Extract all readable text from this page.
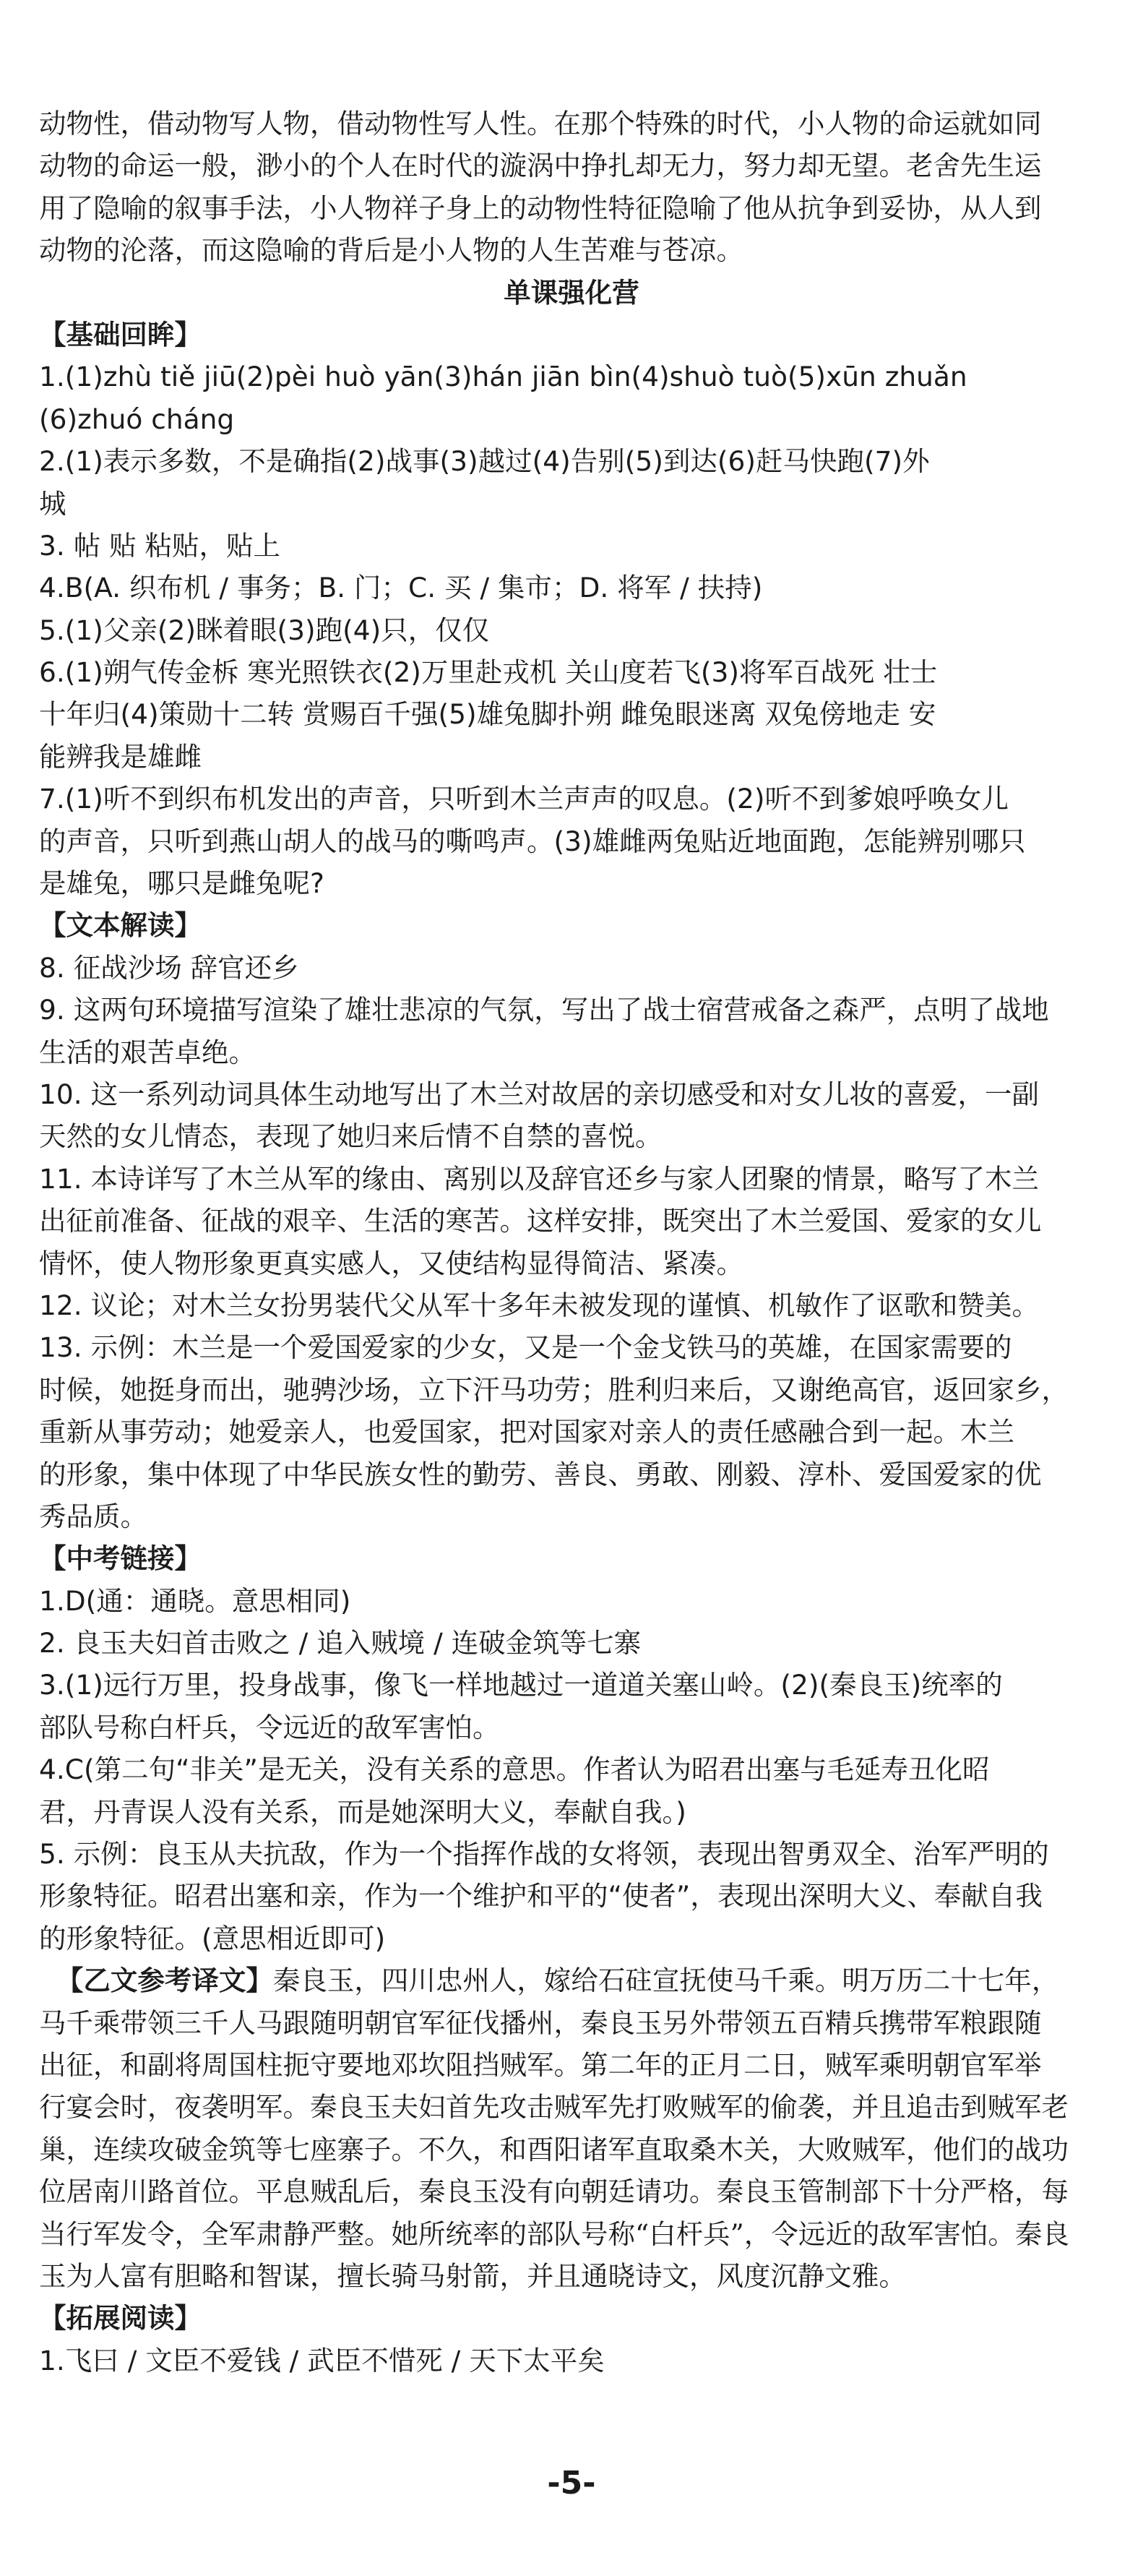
动物性，借动物写人物，借动物性写人性。在那个特殊的时代，小人物的命运就如同
动物的命运一般，渺小的个人在时代的漩涡中挣扎却无力，努力却无望。老舍先生运
用了隐喻的叙事手法，小人物祥子身上的动物性特征隐喻了他从抗争到妥协，从人到
动物的沦落，而这隐喻的背后是小人物的人生苦难与苍凉。
单课强化营
【基础回眸】
1.(1)zhù tiě jiū(2)pèi huò yān(3)hán jiān bìn(4)shuò tuò(5)xūn zhuǎn
(6)zhuó cháng
2.(1)表示多数，不是确指(2)战事(3)越过(4)告别(5)到达(6)赶马快跑(7)外
城
3. 帖 贴 粘贴，贴上
4.B(A. 织布机 / 事务；B. 门；C. 买 / 集市；D. 将军 / 扶持)
5.(1)父亲(2)眯着眼(3)跑(4)只，仅仅
6.(1)朔气传金柝 寒光照铁衣(2)万里赴戎机 关山度若飞(3)将军百战死 壮士
十年归(4)策勋十二转 赏赐百千强(5)雄兔脚扑朔 雌兔眼迷离 双兔傍地走 安
能辨我是雄雌
7.(1)听不到织布机发出的声音，只听到木兰声声的叹息。(2)听不到爹娘呼唤女儿
的声音，只听到燕山胡人的战马的嘶鸣声。(3)雄雌两兔贴近地面跑，怎能辨别哪只
是雄兔，哪只是雌兔呢?
【文本解读】
8. 征战沙场 辞官还乡
9. 这两句环境描写渲染了雄壮悲凉的气氛，写出了战士宿营戒备之森严，点明了战地
生活的艰苦卓绝。
10. 这一系列动词具体生动地写出了木兰对故居的亲切感受和对女儿妆的喜爱，一副
天然的女儿情态，表现了她归来后情不自禁的喜悦。
11. 本诗详写了木兰从军的缘由、离别以及辞官还乡与家人团聚的情景，略写了木兰
出征前准备、征战的艰辛、生活的寒苦。这样安排，既突出了木兰爱国、爱家的女儿
情怀，使人物形象更真实感人，又使结构显得简洁、紧凑。
12. 议论；对木兰女扮男装代父从军十多年未被发现的谨慎、机敏作了讴歌和赞美。
13. 示例：木兰是一个爱国爱家的少女，又是一个金戈铁马的英雄，在国家需要的
时候，她挺身而出，驰骋沙场，立下汗马功劳；胜利归来后，又谢绝高官，返回家乡，
重新从事劳动；她爱亲人，也爱国家，把对国家对亲人的责任感融合到一起。木兰
的形象，集中体现了中华民族女性的勤劳、善良、勇敢、刚毅、淳朴、爱国爱家的优
秀品质。
【中考链接】
1.D(通：通晓。意思相同)
2. 良玉夫妇首击败之 / 追入贼境 / 连破金筑等七寨
3.(1)远行万里，投身战事，像飞一样地越过一道道关塞山岭。(2)(秦良玉)统率的
部队号称白杆兵，令远近的敌军害怕。
4.C(第二句“非关”是无关，没有关系的意思。作者认为昭君出塞与毛延寿丑化昭
君，丹青误人没有关系，而是她深明大义，奉献自我。)
5. 示例：良玉从夫抗敌，作为一个指挥作战的女将领，表现出智勇双全、治军严明的
形象特征。昭君出塞和亲，作为一个维护和平的“使者”，表现出深明大义、奉献自我
的形象特征。(意思相近即可)
【乙文参考译文】秦良玉，四川忠州人，嫁给石砫宣抚使马千乘。明万历二十七年，
马千乘带领三千人马跟随明朝官军征伐播州，秦良玉另外带领五百精兵携带军粮跟随
出征，和副将周国柱扼守要地邓坎阻挡贼军。第二年的正月二日，贼军乘明朝官军举
行宴会时，夜袭明军。秦良玉夫妇首先攻击贼军先打败贼军的偷袭，并且追击到贼军老
巢，连续攻破金筑等七座寨子。不久，和酉阳诸军直取桑木关，大败贼军，他们的战功
位居南川路首位。平息贼乱后，秦良玉没有向朝廷请功。秦良玉管制部下十分严格，每
当行军发令，全军肃静严整。她所统率的部队号称“白杆兵”，令远近的敌军害怕。秦良
玉为人富有胆略和智谋，擅长骑马射箭，并且通晓诗文，风度沉静文雅。
【拓展阅读】
1.飞曰 / 文臣不爱钱 / 武臣不惜死 / 天下太平矣
-5-
